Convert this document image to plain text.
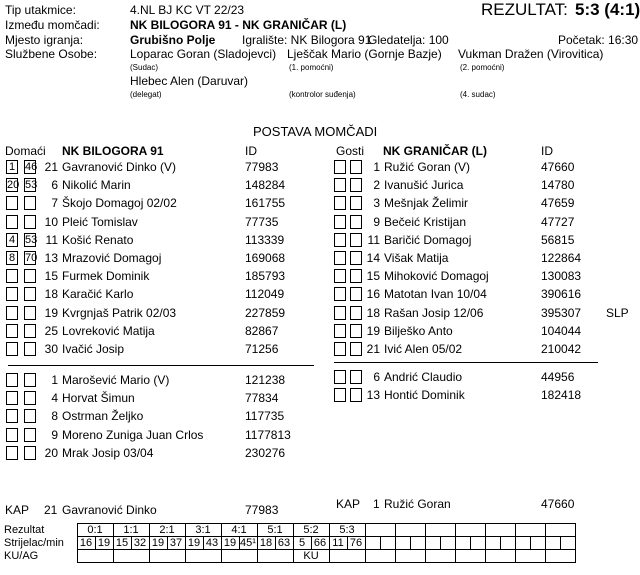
Tip utakmice:	4.NL BJ KC VT 22/23	REZULTAT: 5:3 (4:1)
Između momčadi:	NK BILOGORA 91 - NK GRANIČAR (L)
Mjesto igranja:	Grubišno Polje Igralište: NK Bilogora 91
Gledatelja: 100	Početak: 16:30
Službene Osobe:	Loparac Goran (Sladojevci)
(Sudac)
Lješčak Mario (Gornje Bazje)
(1. pomoćni)
Vukman Dražen (Virovitica)
(2. pomoćni)
Hlebec Alen (Daruvar)
(delegat)	(kontrolor suđenja)	(4. sudac)
POSTAVA MOMČADI
Domaći NK BILOGORA 91	ID	Gosti NK GRANIČAR (L)	ID
1 46 21 Gavranović Dinko (V)	77983
20 53	6 Nikolić Marin	148284
7 Škojo Domagoj 02/02	161755
10 Pleić Tomislav	77735
4 53 11 Košić Renato	113339
8 70 13 Mrazović Domagoj	169068
15 Furmek Dominik	185793
18 Karačić Karlo	112049
19 Kvrgnjaš Patrik 02/03	227859
25 Lovreković Matija	82867
30 Ivačić Josip	71256
1 Ružić Goran (V)	47660
2 Ivanušić Jurica	14780
3 Mešnjak Želimir	47659
9 Bečeić Kristijan	47727
11 Baričić Domagoj	56815
14 Višak Matija	122864
15 Mihoković Domagoj	130083
16 Matotan Ivan 10/04	390616
18 Rašan Josip 12/06	395307 SLP
19 Bilješko Anto	104044
21 Ivić Alen 05/02	210042
1 Marošević Mario (V)	121238
4 Horvat Šimun	77834
8 Ostrman Željko	117735
9 Moreno Zuniga Juan Crlos	1177813
20 Mrak Josip 03/04	230276
6 Andrić Claudio	44956
13 Hontić Dominik	182418
KAP 21 Gavranović Dinko	77983	KAP 1 Ružić Goran	47660
Rezultat	0:1		1:1		2:1		3:1		4:1		5:1		5:2		5:3															
Strijelac/min	16	19	15	32	19	37	19	43	19	45¹	18	63	5	66	11	76														
KU/AG													KU																	
